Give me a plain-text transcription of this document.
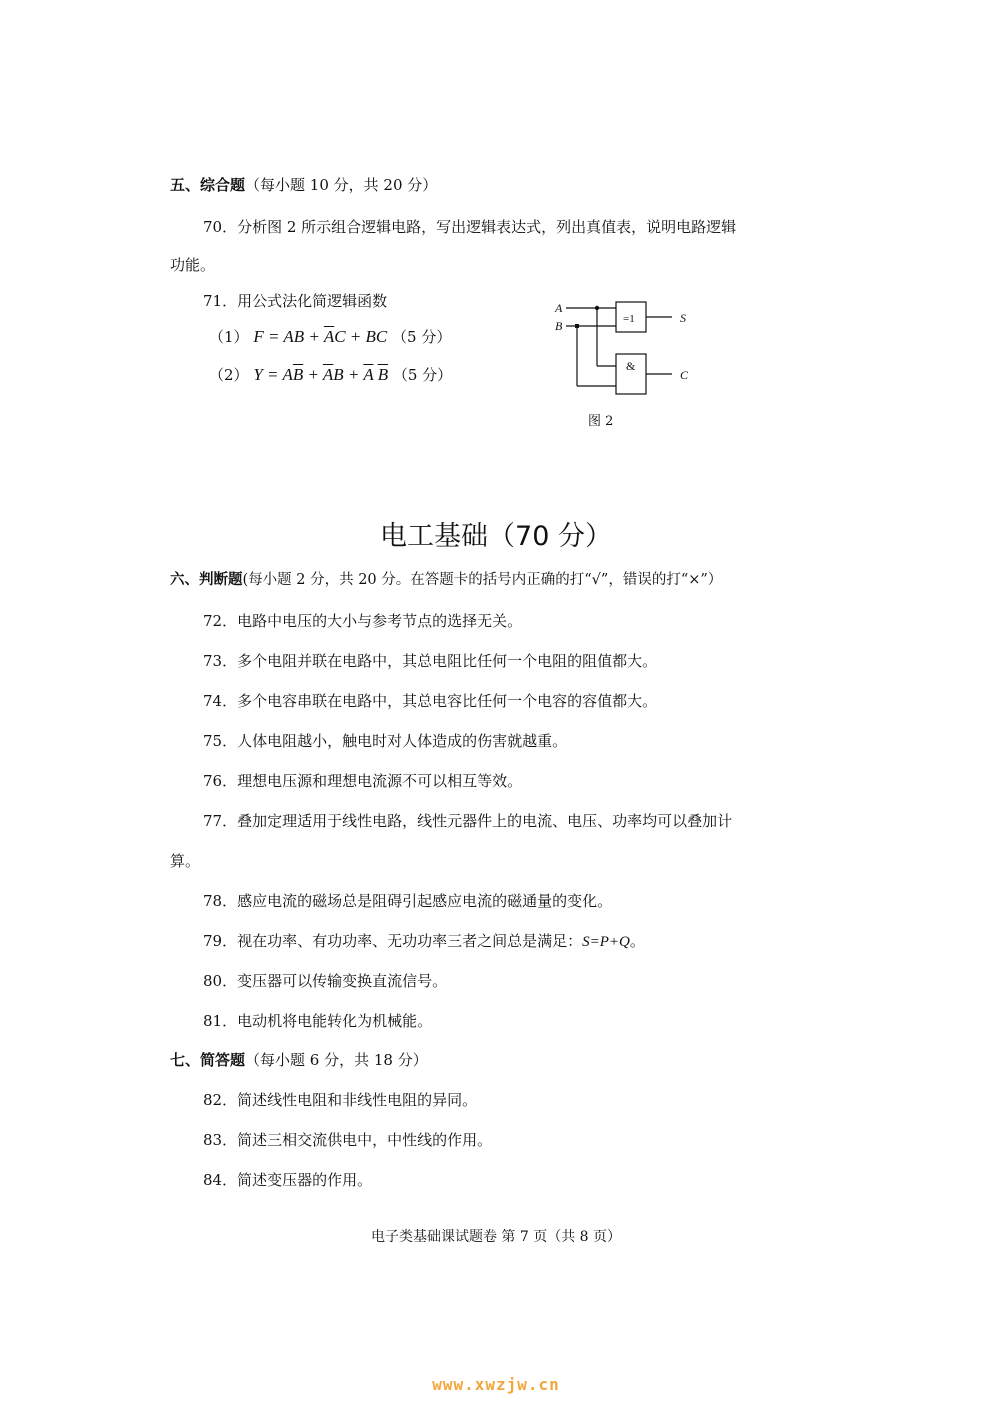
五、综合题（每小题 10 分，共 20 分）
70．分析图 2 所示组合逻辑电路，写出逻辑表达式，列出真值表，说明电路逻辑
功能。
71．用公式法化简逻辑函数
（1） F = AB + $\overline{A}C$ + BC （5 分）
（2） $Y = A\overline{B} + \overline{A}B + \overline{A}$ $\overline{B}$ （5 分）
A
B	=1
&
S
C
图 2
电工基础（70 分）
六、判断题(每小题 2 分，共 20 分。在答题卡的括号内正确的打“√”，错误的打“×”）
72．电路中电压的大小与参考节点的选择无关。
73．多个电阻并联在电路中，其总电阻比任何一个电阻的阻值都大。
74．多个电容串联在电路中，其总电容比任何一个电容的容值都大。
75．人体电阻越小，触电时对人体造成的伤害就越重。
76．理想电压源和理想电流源不可以相互等效。
77．叠加定理适用于线性电路，线性元器件上的电流、电压、功率均可以叠加计
算。
78．感应电流的磁场总是阻碍引起感应电流的磁通量的变化。
79．视在功率、有功功率、无功功率三者之间总是满足：S=P+Q。
80．变压器可以传输变换直流信号。
81．电动机将电能转化为机械能。
七、简答题（每小题 6 分，共 18 分）
82．简述线性电阻和非线性电阻的异同。
83．简述三相交流供电中，中性线的作用。
84．简述变压器的作用。
电子类基础课试题卷 第 7 页（共 8 页）
www.xwzjw.cn
